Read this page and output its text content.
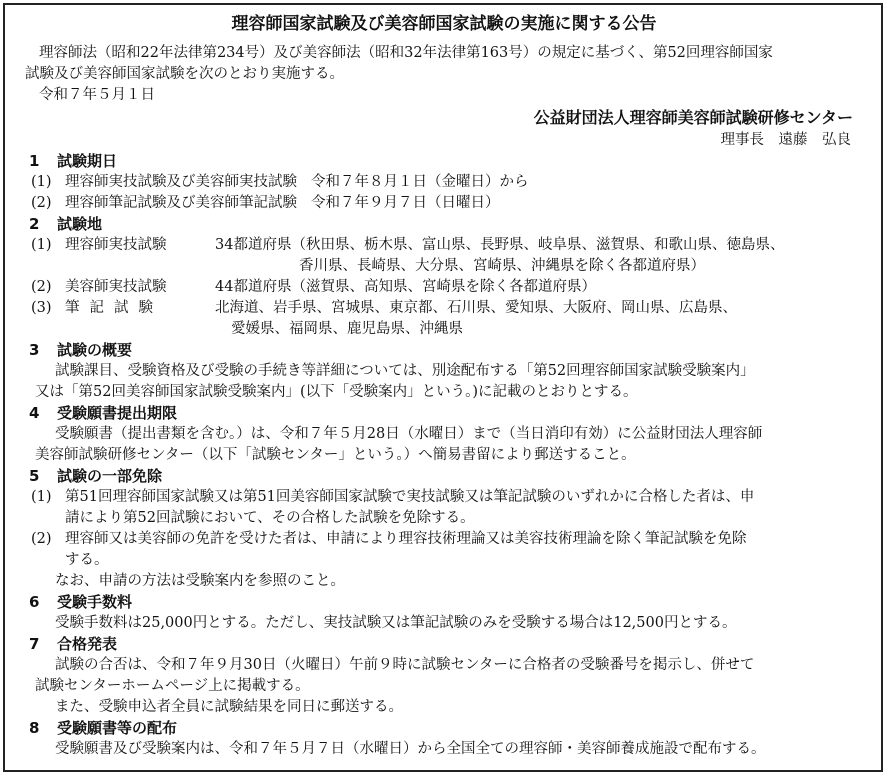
理容師国家試験及び美容師国家試験の実施に関する公告

理容師法（昭和22年法律第234号）及び美容師法（昭和32年法律第163号）の規定に基づく、第52回理容師国家

試験及び美容師国家試験を次のとおり実施する。

令和７年５月１日

公益財団法人理容師美容師試験研修センター
理事長　遠藤　弘良
1	試験期日
(1) 理容師実技試験及び美容師実技試験 令和７年８月１日（金曜日）から
(2) 理容師筆記試験及び美容師筆記試験 令和７年９月７日（日曜日）
2	試験地
(1) 理容師実技試験	34都道府県（秋田県、栃木県、富山県、長野県、岐阜県、滋賀県、和歌山県、徳島県、
香川県、長崎県、大分県、宮崎県、沖縄県を除く各都道府県）
(2) 美容師実技試験	44都道府県（滋賀県、高知県、宮崎県を除く各都道府県）
(3) 筆記試験	北海道、岩手県、宮城県、東京都、石川県、愛知県、大阪府、岡山県、広島県、
愛媛県、福岡県、鹿児島県、沖縄県
3	試験の概要
試験課目、受験資格及び受験の手続き等詳細については、別途配布する「第52回理容師国家試験受験案内」
又は「第52回美容師国家試験受験案内」(以下「受験案内」という。)に記載のとおりとする。
4	受験願書提出期限
受験願書（提出書類を含む。）は、令和７年５月28日（水曜日）まで（当日消印有効）に公益財団法人理容師
美容師試験研修センター（以下「試験センター」という。）へ簡易書留により郵送すること。
5	試験の一部免除
(1) 第51回理容師国家試験又は第51回美容師国家試験で実技試験又は筆記試験のいずれかに合格した者は、申
請により第52回試験において、その合格した試験を免除する。
(2) 理容師又は美容師の免許を受けた者は、申請により理容技術理論又は美容技術理論を除く筆記試験を免除
する。
なお、申請の方法は受験案内を参照のこと。
6	受験手数料
受験手数料は25,000円とする。ただし、実技試験又は筆記試験のみを受験する場合は12,500円とする。
7	合格発表
試験の合否は、令和７年９月30日（火曜日）午前９時に試験センターに合格者の受験番号を掲示し、併せて
試験センターホームページ上に掲載する。
また、受験申込者全員に試験結果を同日に郵送する。
8	受験願書等の配布
受験願書及び受験案内は、令和７年５月７日（水曜日）から全国全ての理容師・美容師養成施設で配布する。
